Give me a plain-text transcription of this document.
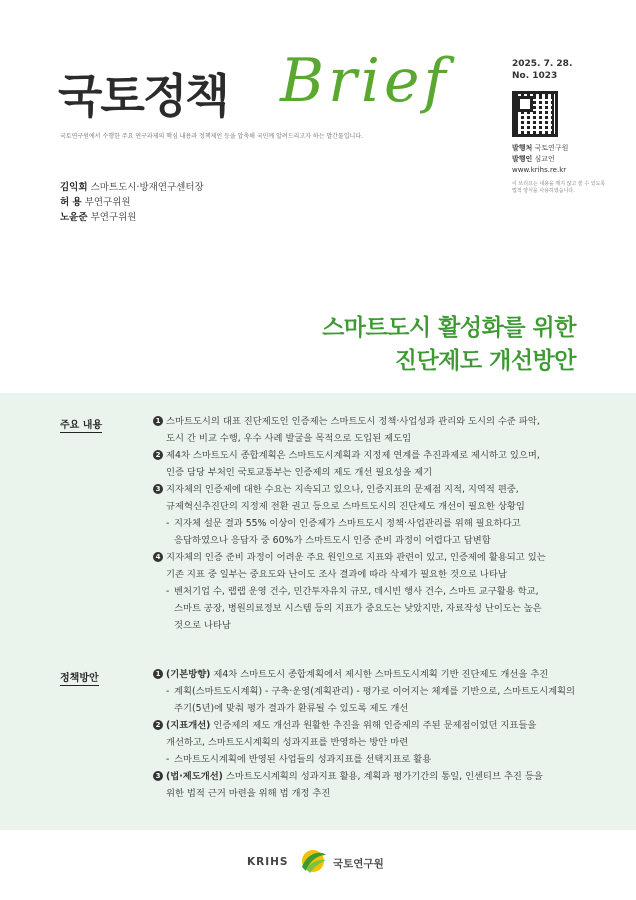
국토정책 Brief
국토연구원에서 수행한 주요 연구과제의 핵심 내용과 정책제언 등을 압축해 국민께 알려드리고자 하는 발간물입니다.
김익회 스마트도시·방재연구센터장
허 용 부연구위원
노윤준 부연구위원
2025. 7. 28.
No. 1023
발행처 국토연구원
발행인 심교언
www.krihs.re.kr
이 브리프는 내용을 깨지 않고 쓸 수 있도록 법적 양식을 사용하였습니다.
스마트도시 활성화를 위한
진단제도 개선방안
주요 내용	1 스마트도시의 대표 진단제도인 인증제는 스마트도시 정책·사업성과 관리와 도시의 수준 파악,
도시 간 비교 수행, 우수 사례 발굴을 목적으로 도입된 제도임
2 제4차 스마트도시 종합계획은 스마트도시계획과 지정제 연계를 추진과제로 제시하고 있으며,
인증 담당 부처인 국토교통부는 인증제의 제도 개선 필요성을 제기
3 지자체의 인증제에 대한 수요는 지속되고 있으나, 인증지표의 문제점 지적, 지역적 편중,
규제혁신추진단의 지정제 전환 권고 등으로 스마트도시의 진단제도 개선이 필요한 상황임
- 지자체 설문 결과 55% 이상이 인증제가 스마트도시 정책·사업관리를 위해 필요하다고
응답하였으나 응답자 중 60%가 스마트도시 인증 준비 과정이 어렵다고 답변함
4 지자체의 인증 준비 과정이 어려운 주요 원인으로 지표와 관련이 있고, 인증제에 활용되고 있는
기존 지표 중 일부는 중요도와 난이도 조사 결과에 따라 삭제가 필요한 것으로 나타남
- 벤처기업 수, 랩랩 운영 건수, 민간투자유치 규모, 데시빈 행사 건수, 스마트 교구활용 학교,
스마트 공장, 병원의료정보 시스템 등의 지표가 중요도는 낮았지만, 자료작성 난이도는 높은
것으로 나타남
정책방안	1 (기본방향) 제4차 스마트도시 종합계획에서 제시한 스마트도시계획 기반 진단제도 개선을 추진
- 계획(스마트도시계획) - 구축·운영(계획관리) - 평가로 이어지는 체계를 기반으로, 스마트도시계획의
주기(5년)에 맞춰 평가 결과가 환류될 수 있도록 제도 개선
2 (지표개선) 인증제의 제도 개선과 원활한 추진을 위해 인증제의 주된 문제점이었던 지표들을
개선하고, 스마트도시계획의 성과지표를 반영하는 방안 마련
- 스마트도시계획에 반영된 사업들의 성과지표를 선택지표로 활용
3 (법·제도개선) 스마트도시계획의 성과지표 활용, 계획과 평가기간의 통일, 인센티브 추진 등을
위한 법적 근거 마련을 위해 법 개정 추진
KRIHS	국토연구원
